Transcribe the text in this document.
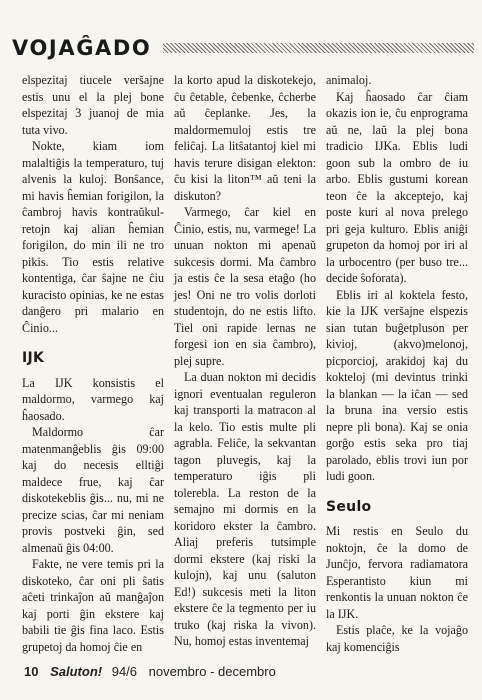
VOJAĜADO

elspezitaj tiucele veršajne estis unu el la plej bone elspezitaj 3 juanoj de mia tuta vivo.

Nokte, kiam iom malaltiĝis la temperaturo, tuj alvenis la kuloj. Bonŝance, mi havis ĥemian forigilon, la ĉambroj havis kontraŭkul-retojn kaj alian ĥemian forigilon, do min ili ne tro pikis. Tio estis relative kontentiga, ĉar ŝajne ne ĉiu kuracisto opinias, ke ne estas danĝero pri malario en Ĉinio...

IJK

La IJK konsistis el maldormo, varmego kaj ĥaosado.

Maldormo ĉar matenmanĝeblis ĝis 09:00 kaj do necesis elltiĝi maldece frue, kaj ĉar diskotekeblis ĝis... nu, mi ne precize scias, ĉar mi neniam provis postveki ĝin, sed almenaŭ ĝis 04:00.

Fakte, ne vere temis pri la diskoteko, ĉar oni pli ŝatis aĉeti trinkaĵon aŭ manĝaĵon kaj porti ĝin ekstere kaj babili tie ĝis fina laco. Estis grupetoj da homoj ĉie en

la korto apud la diskotekejo, ĉu ĉetable, ĉebenke, ĉcherbe aŭ ĉeplanke. Jes, la maldormemuloj estis tre feliĉaj. La litŝatantoj kiel mi havis terure disigan elekton: ĉu kisi la liton™ aŭ teni la diskuton?

Varmego, ĉar kiel en Ĉinio, estis, nu, varmege! La unuan nokton mi apenaŭ sukcesis dormi. Ma ĉambro ja estis ĉe la sesa etaĝo (ho jes! Oni ne tro volis dorloti studentojn, do ne estis lifto. Tiel oni rapide lernas ne forgesi ion en sia ĉambro), plej supre.

La duan nokton mi decidis ignori eventualan reguleron kaj transporti la matracon al la kelo. Tio estis multe pli agrabla. Feliĉe, la sekvantan tagon pluvegis, kaj la temperaturo iĝis pli tolerebla. La reston de la semajno mi dormis en la koridoro ekster la ĉambro. Aliaj preferis tutsimple dormi ekstere (kaj riski la kulojn), kaj unu (saluton Ed!) sukcesis meti la liton ekstere ĉe la tegmento per iu truko (kaj riska la vivon). Nu, homoj estas inventemaj

animaloj.

Kaj ĥaosado ĉar ĉiam okazis ion ie, ĉu enprograma aŭ ne, laŭ la plej bona tradicio IJKa. Eblis ludi goon sub la ombro de iu arbo. Eblis gustumi korean teon ĉe la akceptejo, kaj poste kuri al nova prelego pri geja kulturo. Eblis aniĝi grupeton da homoj por iri al la urbocentro (per buso tre... decide ŝoforata).

Eblis iri al koktela festo, kie la IJK veršajne elspezis sian tutan buĝetpluson per kivioj, (akvo)melonoj, picporcioj, arakidoj kaj du kokteloj (mi devintus trinki la blankan — la iĉan — sed la bruna ina versio estis nepre pli bona). Kaj se onia gorĝo estis seka pro tiaj parolado, eblis trovi iun por ludi goon.

Seulo

Mi restis en Seulo du noktojn, ĉe la domo de Junĉjo, fervora radiamatora Esperantisto kiun mi renkontis la unuan nokton ĉe la IJK.

Estis plaĉe, ke la vojaĝo kaj komenciĝis

10 Saluton! 94/6 novembro - decembro
